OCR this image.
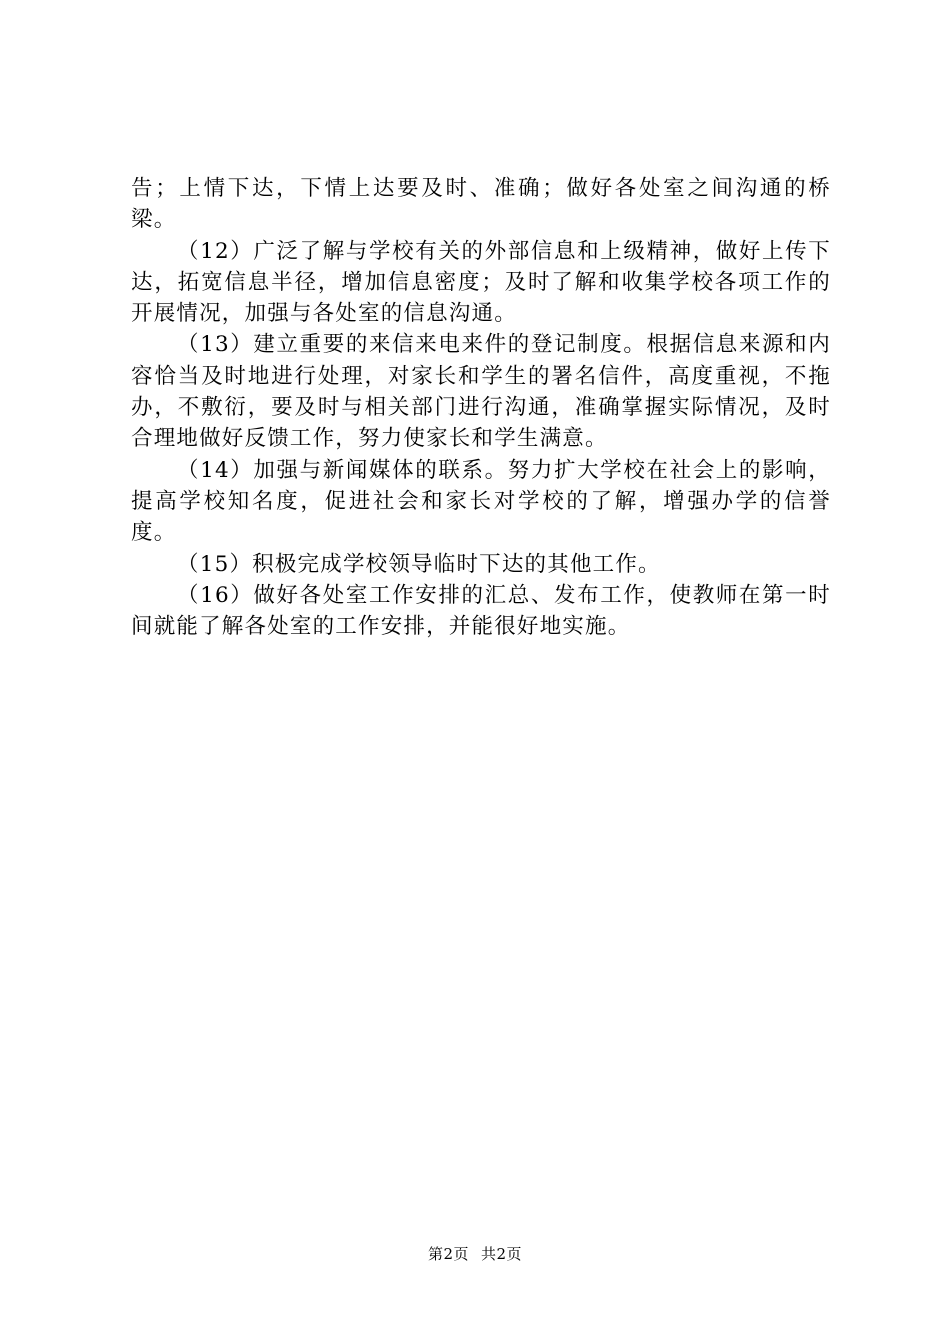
告；上情下达，下情上达要及时、准确；做好各处室之间沟通的桥梁。

（12）广泛了解与学校有关的外部信息和上级精神，做好上传下达，拓宽信息半径，增加信息密度；及时了解和收集学校各项工作的开展情况，加强与各处室的信息沟通。

（13）建立重要的来信来电来件的登记制度。根据信息来源和内容恰当及时地进行处理，对家长和学生的署名信件，高度重视，不拖办，不敷衍，要及时与相关部门进行沟通，准确掌握实际情况，及时合理地做好反馈工作，努力使家长和学生满意。

（14）加强与新闻媒体的联系。努力扩大学校在社会上的影响，提高学校知名度，促进社会和家长对学校的了解，增强办学的信誉度。

（15）积极完成学校领导临时下达的其他工作。

（16）做好各处室工作安排的汇总、发布工作，使教师在第一时间就能了解各处室的工作安排，并能很好地实施。

第2页 共2页
